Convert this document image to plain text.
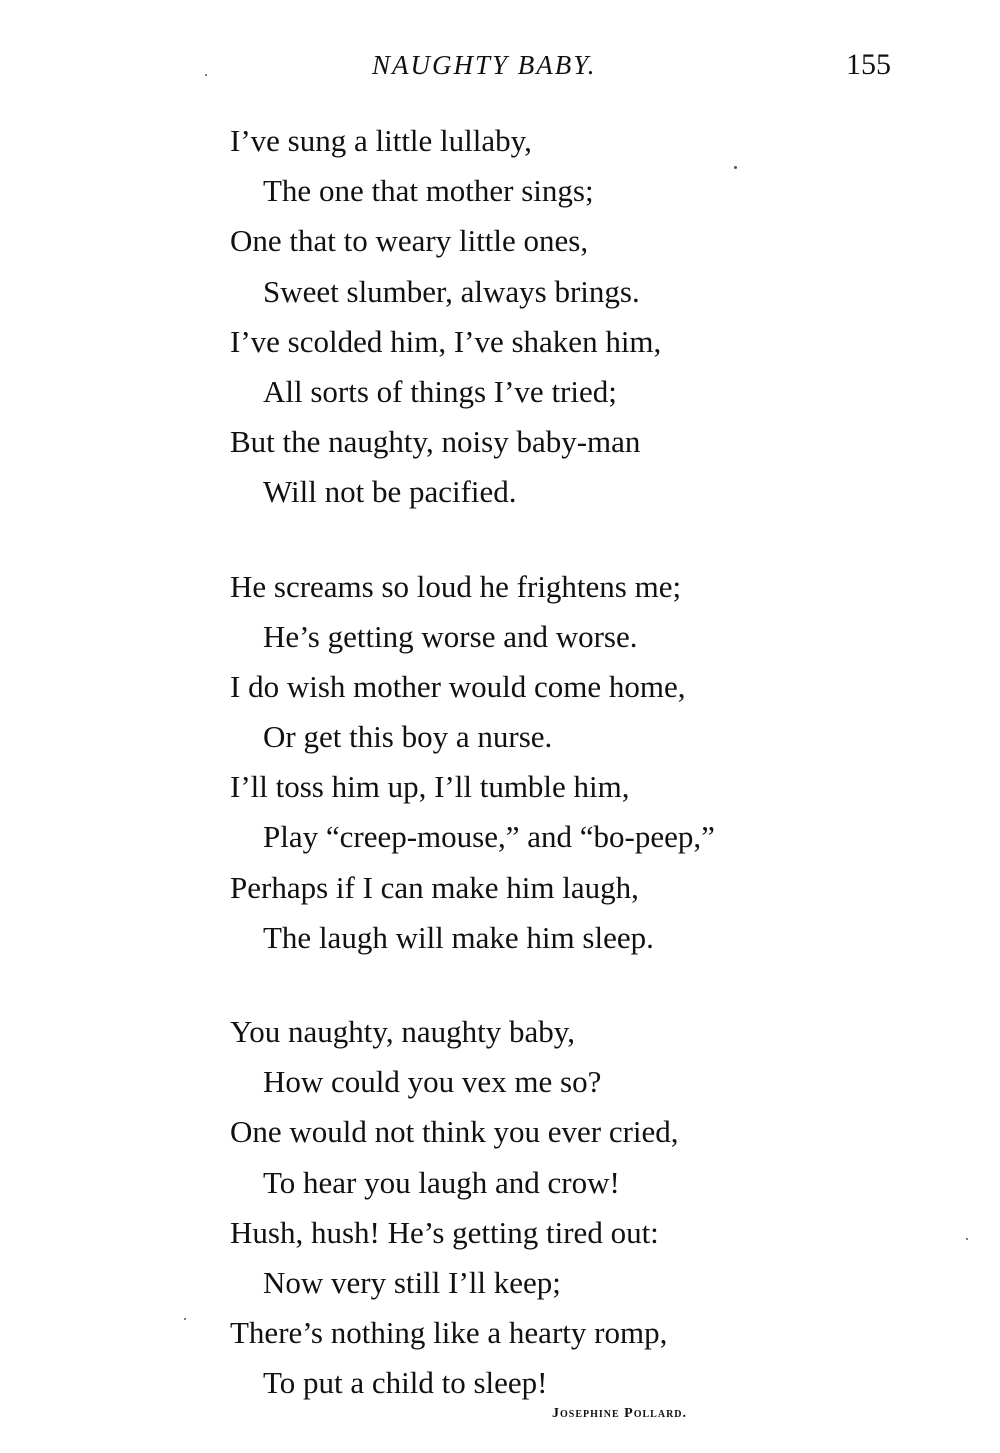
NAUGHTY BABY.	155
I’ve sung a little lullaby,
The one that mother sings;
One that to weary little ones,
Sweet slumber, always brings.
I’ve scolded him, I’ve shaken him,
All sorts of things I’ve tried;
But the naughty, noisy baby-man
Will not be pacified.
He screams so loud he frightens me;
He’s getting worse and worse.
I do wish mother would come home,
Or get this boy a nurse.
I’ll toss him up, I’ll tumble him,
Play “creep-mouse,” and “bo-peep,”
Perhaps if I can make him laugh,
The laugh will make him sleep.
You naughty, naughty baby,
How could you vex me so?
One would not think you ever cried,
To hear you laugh and crow!
Hush, hush! He’s getting tired out:
Now very still I’ll keep;
There’s nothing like a hearty romp,
To put a child to sleep!
Josephine Pollard.
